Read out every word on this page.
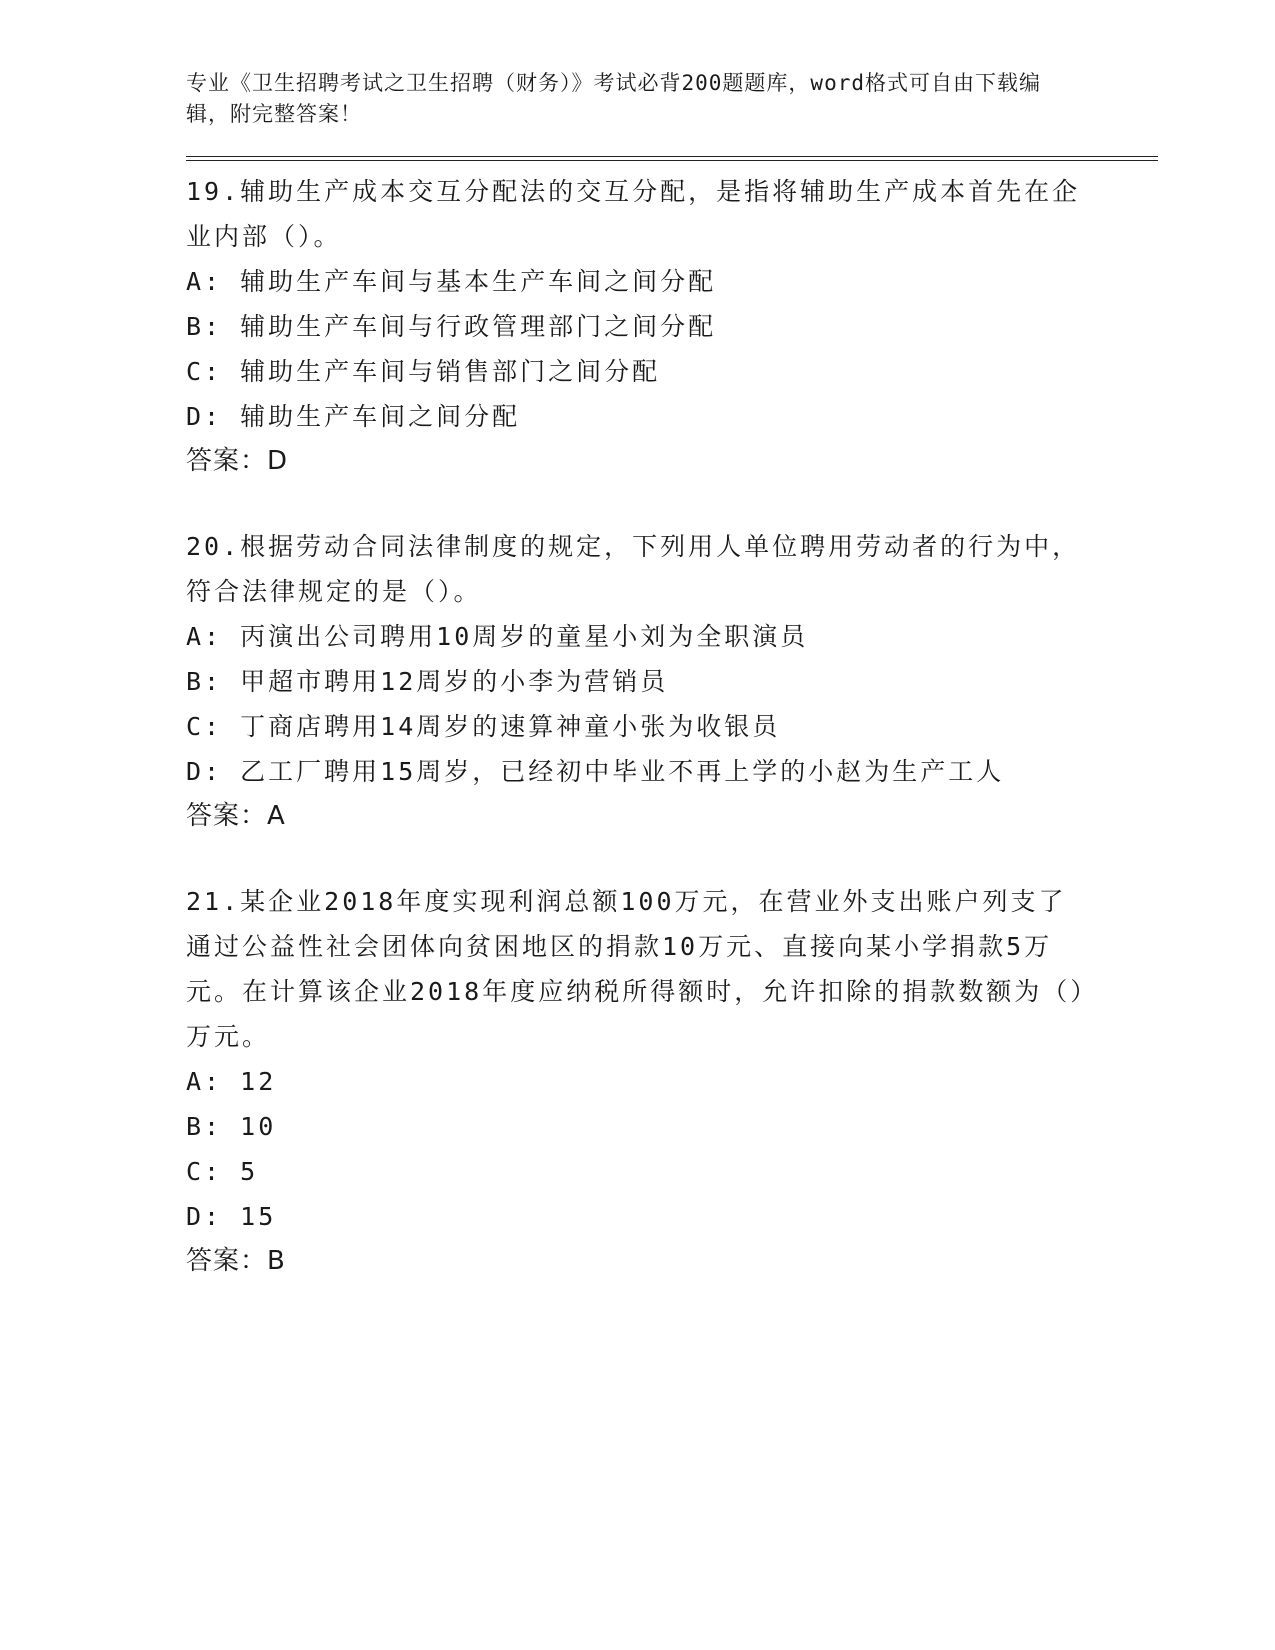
专业《卫生招聘考试之卫生招聘（财务）》考试必背200题题库，word格式可自由下载编辑，附完整答案！

19.辅助生产成本交互分配法的交互分配，是指将辅助生产成本首先在企业内部（）。

A: 辅助生产车间与基本生产车间之间分配

B: 辅助生产车间与行政管理部门之间分配

C: 辅助生产车间与销售部门之间分配

D: 辅助生产车间之间分配

答案：D

20.根据劳动合同法律制度的规定，下列用人单位聘用劳动者的行为中，符合法律规定的是（）。

A: 丙演出公司聘用10周岁的童星小刘为全职演员

B: 甲超市聘用12周岁的小李为营销员

C: 丁商店聘用14周岁的速算神童小张为收银员

D: 乙工厂聘用15周岁，已经初中毕业不再上学的小赵为生产工人

答案：A

21.某企业2018年度实现利润总额100万元，在营业外支出账户列支了通过公益性社会团体向贫困地区的捐款10万元、直接向某小学捐款5万元。在计算该企业2018年度应纳税所得额时，允许扣除的捐款数额为（）万元。

A: 12

B: 10

C: 5

D: 15

答案：B
